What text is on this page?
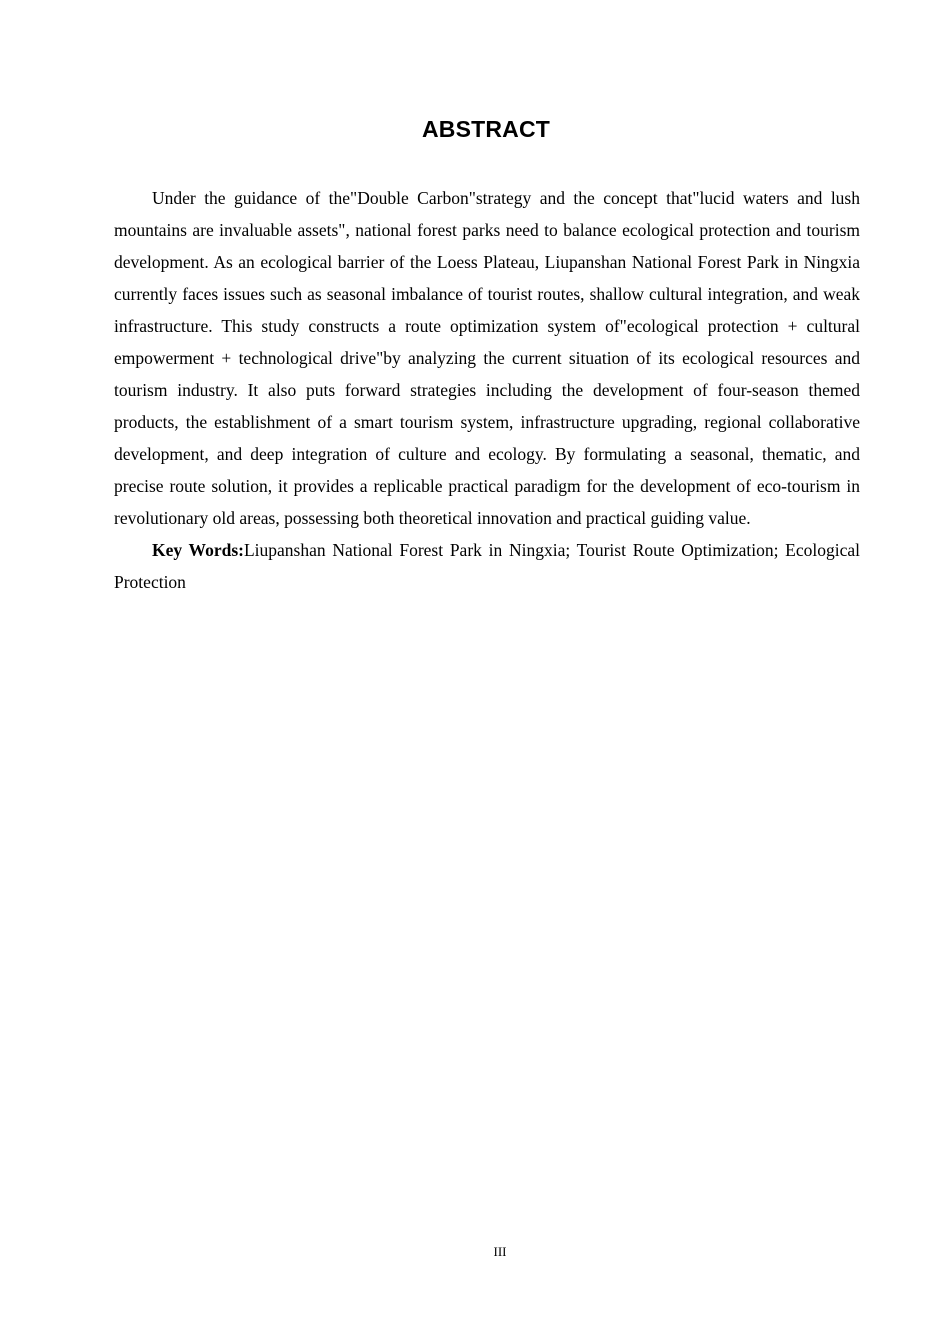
ABSTRACT

Under the guidance of the"Double Carbon"strategy and the concept that"lucid waters and lush mountains are invaluable assets", national forest parks need to balance ecological protection and tourism development. As an ecological barrier of the Loess Plateau, Liupanshan National Forest Park in Ningxia currently faces issues such as seasonal imbalance of tourist routes, shallow cultural integration, and weak infrastructure. This study constructs a route optimization system of"ecological protection + cultural empowerment + technological drive"by analyzing the current situation of its ecological resources and tourism industry. It also puts forward strategies including the development of four-season themed products, the establishment of a smart tourism system, infrastructure upgrading, regional collaborative development, and deep integration of culture and ecology. By formulating a seasonal, thematic, and precise route solution, it provides a replicable practical paradigm for the development of eco-tourism in revolutionary old areas, possessing both theoretical innovation and practical guiding value.

Key Words:Liupanshan National Forest Park in Ningxia; Tourist Route Optimization; Ecological Protection

III
